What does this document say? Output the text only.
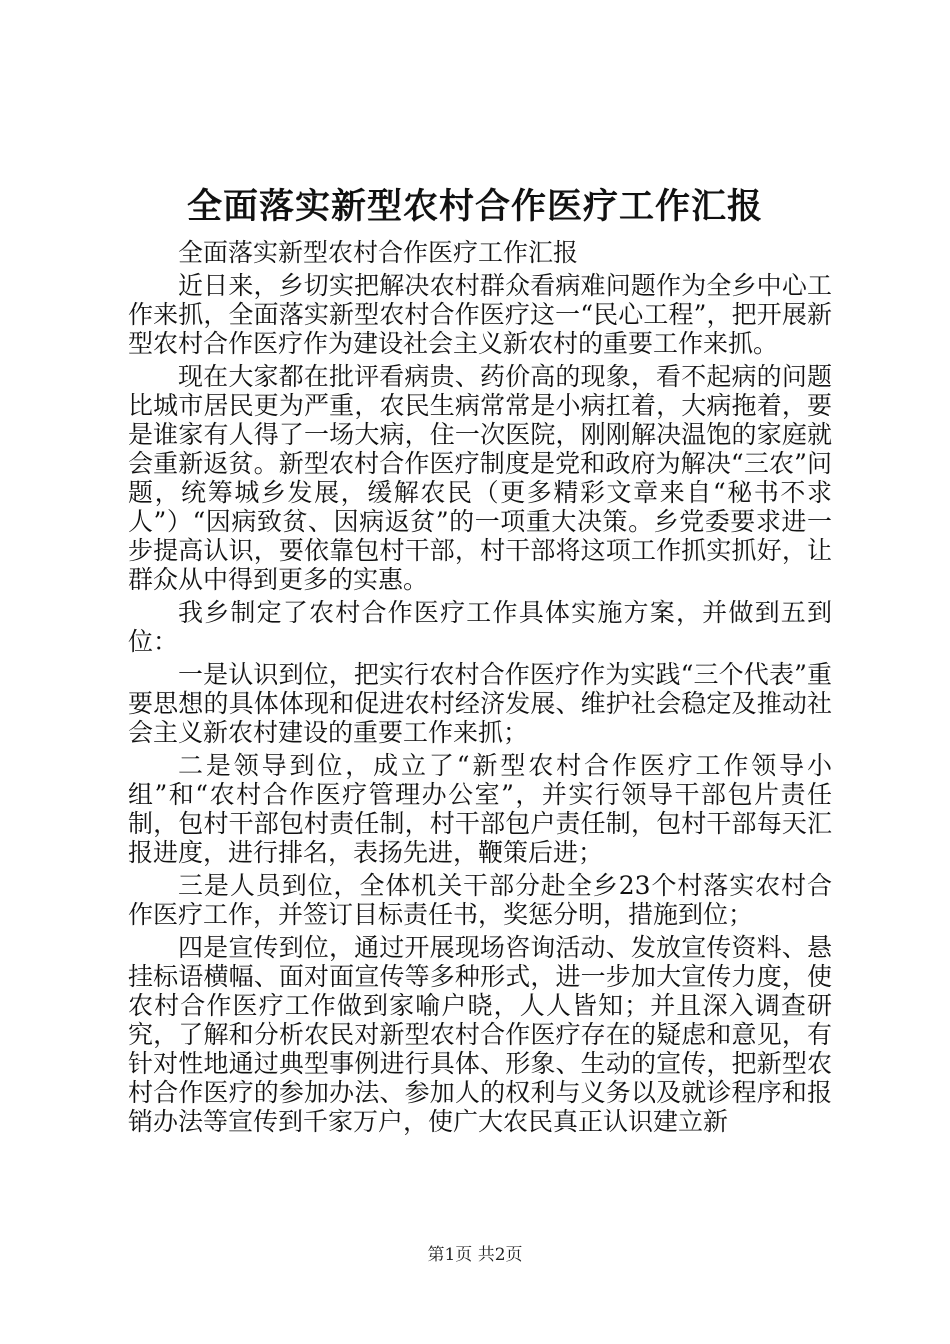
全面落实新型农村合作医疗工作汇报

全面落实新型农村合作医疗工作汇报

近日来，乡切实把解决农村群众看病难问题作为全乡中心工作来抓，全面落实新型农村合作医疗这一“民心工程”，把开展新型农村合作医疗作为建设社会主义新农村的重要工作来抓。

现在大家都在批评看病贵、药价高的现象，看不起病的问题比城市居民更为严重，农民生病常常是小病扛着，大病拖着，要是谁家有人得了一场大病，住一次医院，刚刚解决温饱的家庭就会重新返贫。新型农村合作医疗制度是党和政府为解决“三农”问题，统筹城乡发展，缓解农民（更多精彩文章来自“秘书不求人”）“因病致贫、因病返贫”的一项重大决策。乡党委要求进一步提高认识，要依靠包村干部，村干部将这项工作抓实抓好，让群众从中得到更多的实惠。

我乡制定了农村合作医疗工作具体实施方案，并做到五到位：

一是认识到位，把实行农村合作医疗作为实践“三个代表”重要思想的具体体现和促进农村经济发展、维护社会稳定及推动社会主义新农村建设的重要工作来抓；

二是领导到位，成立了“新型农村合作医疗工作领导小组”和“农村合作医疗管理办公室”，并实行领导干部包片责任制，包村干部包村责任制，村干部包户责任制，包村干部每天汇报进度，进行排名，表扬先进，鞭策后进；

三是人员到位，全体机关干部分赴全乡23个村落实农村合作医疗工作，并签订目标责任书，奖惩分明，措施到位；

四是宣传到位，通过开展现场咨询活动、发放宣传资料、悬挂标语横幅、面对面宣传等多种形式，进一步加大宣传力度，使农村合作医疗工作做到家喻户晓，人人皆知；并且深入调查研究，了解和分析农民对新型农村合作医疗存在的疑虑和意见，有针对性地通过典型事例进行具体、形象、生动的宣传，把新型农村合作医疗的参加办法、参加人的权利与义务以及就诊程序和报销办法等宣传到千家万户，使广大农民真正认识建立新

第1页 共2页
